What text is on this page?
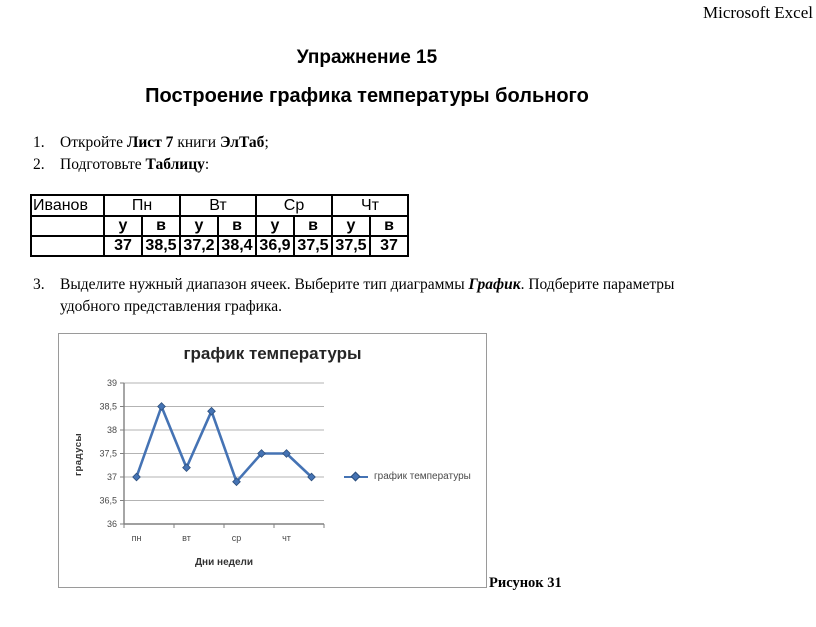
Microsoft Excel
Упражнение 15
Построение графика температуры больного
1. Откройте Лист 7 книги ЭлТаб;
2. Подготовьте Таблицу:
Иванов	Пн		Вт		Ср		Чт	
	у	в	у	в	у	в	у	в
	37	38,5	37,2	38,4	36,9	37,5	37,5	37
3. Выделите нужный диапазон ячеек. Выберите тип диаграммы График. Подберите параметры
удобного представления графика.
график температуры
36
36,5
37
37,5
38
38,5
39
пн	вт	ср	чт
градусы
Дни недели
график температуры
Рисунок 31
